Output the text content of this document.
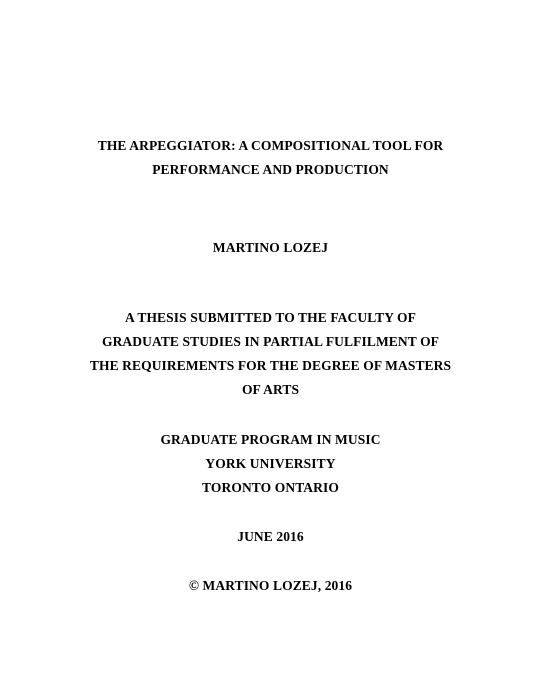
THE ARPEGGIATOR: A COMPOSITIONAL TOOL FOR
PERFORMANCE AND PRODUCTION
MARTINO LOZEJ
A THESIS SUBMITTED TO THE FACULTY OF
GRADUATE STUDIES IN PARTIAL FULFILMENT OF
THE REQUIREMENTS FOR THE DEGREE OF MASTERS
OF ARTS
GRADUATE PROGRAM IN MUSIC
YORK UNIVERSITY
TORONTO ONTARIO
JUNE 2016
© MARTINO LOZEJ, 2016
